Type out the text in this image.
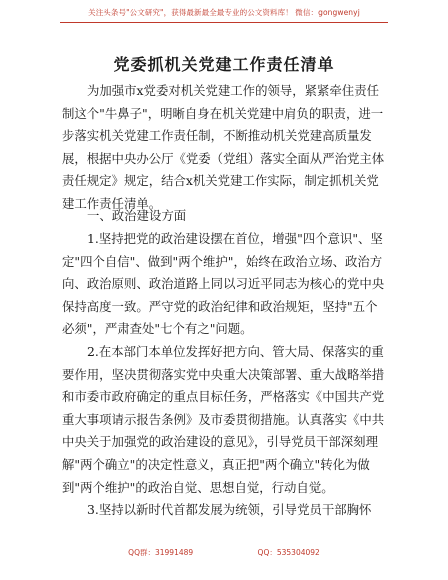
关注头条号"公文研究"，获得最新最全最专业的公文资料库！ 微信：gongwenyj
党委抓机关党建工作责任清单

为加强市x党委对机关党建工作的领导，紧紧牵住责任制这个"牛鼻子"，明晰自身在机关党建中肩负的职责，进一步落实机关党建工作责任制，不断推动机关党建高质量发展，根据中央办公厅《党委（党组）落实全面从严治党主体责任规定》规定，结合x机关党建工作实际，制定抓机关党建工作责任清单。

一、政治建设方面

1.坚持把党的政治建设摆在首位，增强"四个意识"、坚定"四个自信"、做到"两个维护"，始终在政治立场、政治方向、政治原则、政治道路上同以习近平同志为核心的党中央保持高度一致。严守党的政治纪律和政治规矩，坚持"五个必须"，严肃查处"七个有之"问题。

2.在本部门本单位发挥好把方向、管大局、保落实的重要作用，坚决贯彻落实党中央重大决策部署、重大战略举措和市委市政府确定的重点目标任务，严格落实《中国共产党重大事项请示报告条例》及市委贯彻措施。认真落实《中共中央关于加强党的政治建设的意见》，引导党员干部深刻理解"两个确立"的决定性意义，真正把"两个确立"转化为做到"两个维护"的政治自觉、思想自觉，行动自觉。

3.坚持以新时代首都发展为统领，引导党员干部胸怀

QQ群：31991489	QQ：535304092
